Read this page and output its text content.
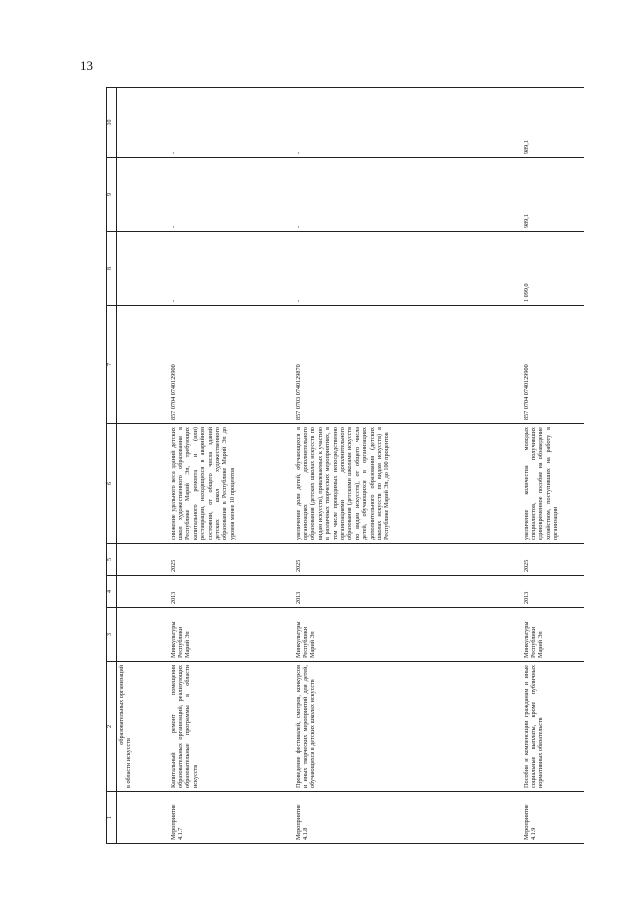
13
1	2	3	4	5	6	7	8	9	10

	образовательных организаций
в области искусств								

Мероприятие 4.1.7	Капитальный ремонт помещения образовательных организаций, реализующих образовательные программы в области искусств	Минкультуры Республики Марий Эл	2013	2025	снижение удельного веса зданий детских школ художественного образования в Республике Марий Эл, требующих капитального ремонта и (или) реставрации, находящихся в аварийном состоянии, от общего числа зданий детских школ художественного образования в Республике Марий Эл до уровня менее 10 процентов	857 0704 0740129900	-	-	-
Мероприятие 4.1.8	Проведение фестивалей, смотров, конкурсов и иных творческих мероприятий для детей, обучающихся в детских школах искусств	Минкультуры Республики Марий Эл	2013	2025	увеличение доли детей, обучающихся в организациях дополнительного образования (детских школах искусств по видам искусств), привлекаемых к участию в различных творческих мероприятиях, в том числе проводимых непосредственно организациями дополнительного образования (детскими школами искусств по видам искусств), от общего числа детей, обучающихся в организациях дополнительного образования (детских школах искусств по видам искусств) в Республике Марий Эл, до 100 процентов	857 0703 0740129870	-	-	-
Мероприятие 4.1.9	Пособия и компенсации гражданам и иные социальные выплаты, кроме публичных нормативных обязательств	Минкультуры Республики Марий Эл	2013	2025	увеличение количества молодых специалистов, получивших единовременное пособие на обзаведение хозяйством, поступивших на работу в организации	857 0704 0740129900	1 099,0	989,1	989,1
